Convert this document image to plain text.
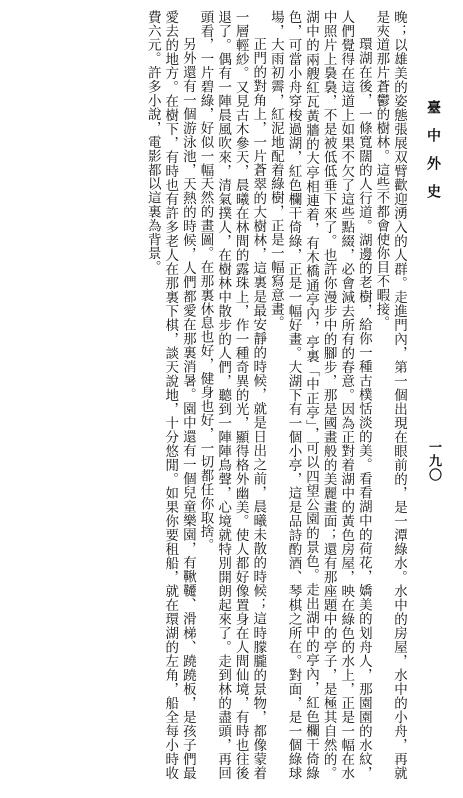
臺中外史
一九〇

晚；以雄美的姿態張展双臂歡迎湧入的人群。走進門內，第一個出現在眼前的，是一潭綠水。水中的房屋，水中的小舟，再就是夾道那片蒼鬱的樹林。這些不都會使你目不暇接。

環湖在後，一條寬闊的人行道。湖邊的老樹，給你一種古樸恬淡的美。看看湖中的荷花，嬌美的划舟人，那園園的水紋，人們覺得在這道上如果不欠了這些點綴，必會減去所有的春意。因為正對着湖中的黃色房屋，映在綠色的水上，正是一幅在水中照片上裊裊，不是被低低垂下來了。也許你漫步中的腳步，那是國畫般的美麗畫面；還有那座題中的亭子，是極其自然的。湖中的兩艘紅瓦黃牆的大亭相連着，有木橋通亭內，亭裏「中正亭」，可以四望公園的景色。走出湖中的亭內，紅色欄干倚綠色，可當小舟穿梭過湖，紅色欄干倚綠，正是一幅好畫。大湖下有一個小亭，這是品詩酌酒、琴棋之所在。對面，是一個綠球場，大雨初霽，紅泥地配着綠樹，正是一幅寫意畫。

正門的對角上，一片蒼翠的大樹林，這裏是最安靜的時候，就是日出之前，晨曦未散的時候；這時朦朧的景物，都像蒙着一層輕紗。又見古木參天，晨曦在林間的露珠上，作一種奇異的光，顯得格外幽美。使人都好像置身在人間仙境，有時也往後退了。偶有一陣晨風吹來，清氣撲人，在樹林中散步的人們，聽到一陣陣鳥聲，心境就特別開朗起來了。走到林的盡頭，再回頭看，一片碧綠，好似一幅天然的畫圖。在那裏休息也好，健身也好，一切都任你取捨。

另外還有一個游泳池，天熱的時候，人們都愛在那裏消暑。園中還有一個兒童樂園，有鞦韆、滑梯、蹺蹺板，是孩子們最愛去的地方。在樹下，有時也有許多老人在那裏下棋，談天說地，十分悠閒。如果你要租船，就在環湖的左角，船全每小時收費六元。許多小說，電影都以這裏為背景。
